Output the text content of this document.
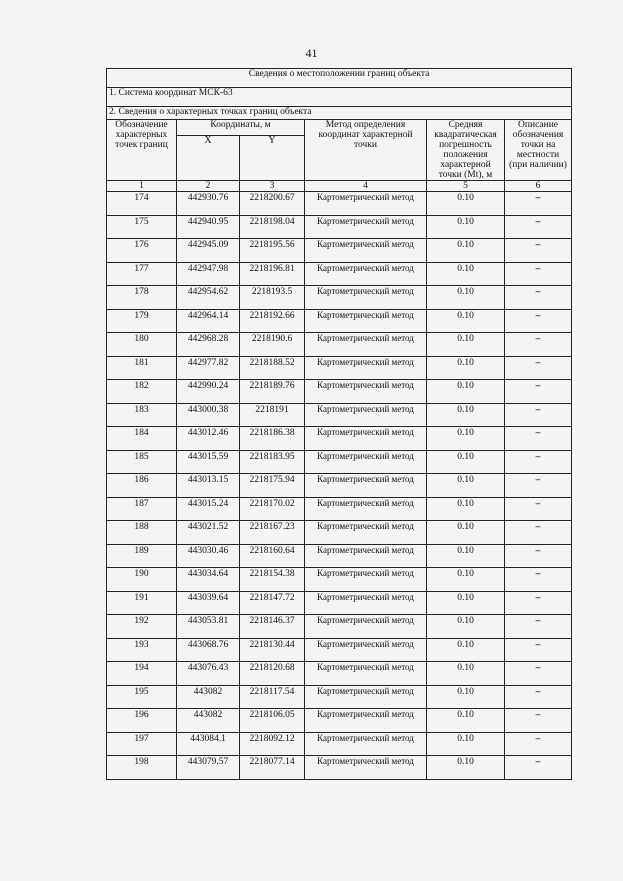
41
Сведения о местоположении границ объекта					
1. Система координат МСК-63					
2. Сведения о характерных точках границ объекта					
Обозначение характерных точек границ	Координаты, м		Метод определения координат характерной точки	Средняя квадратическая погрешность положения характерной точки (Mt), м	Описание обозначения точки на местности (при наличии)
	X	Y			
1	2	3	4	5	6
174	442930.76	2218200.67	Картометрический метод	0.10	–
175	442940.95	2218198.04	Картометрический метод	0.10	–
176	442945.09	2218195.56	Картометрический метод	0.10	–
177	442947.98	2218196.81	Картометрический метод	0.10	–
178	442954.62	2218193.5	Картометрический метод	0.10	–
179	442964.14	2218192.66	Картометрический метод	0.10	–
180	442968.28	2218190.6	Картометрический метод	0.10	–
181	442977.82	2218188.52	Картометрический метод	0.10	–
182	442990.24	2218189.76	Картометрический метод	0.10	–
183	443000.38	2218191	Картометрический метод	0.10	–
184	443012.46	2218186.38	Картометрический метод	0.10	–
185	443015.59	2218183.95	Картометрический метод	0.10	–
186	443013.15	2218175.94	Картометрический метод	0.10	–
187	443015.24	2218170.02	Картометрический метод	0.10	–
188	443021.52	2218167.23	Картометрический метод	0.10	–
189	443030.46	2218160.64	Картометрический метод	0.10	–
190	443034.64	2218154.38	Картометрический метод	0.10	–
191	443039.64	2218147.72	Картометрический метод	0.10	–
192	443053.81	2218146.37	Картометрический метод	0.10	–
193	443068.76	2218130.44	Картометрический метод	0.10	–
194	443076.43	2218120.68	Картометрический метод	0.10	–
195	443082	2218117.54	Картометрический метод	0.10	–
196	443082	2218106.05	Картометрический метод	0.10	–
197	443084.1	2218092.12	Картометрический метод	0.10	–
198	443079.57	2218077.14	Картометрический метод	0.10	–
